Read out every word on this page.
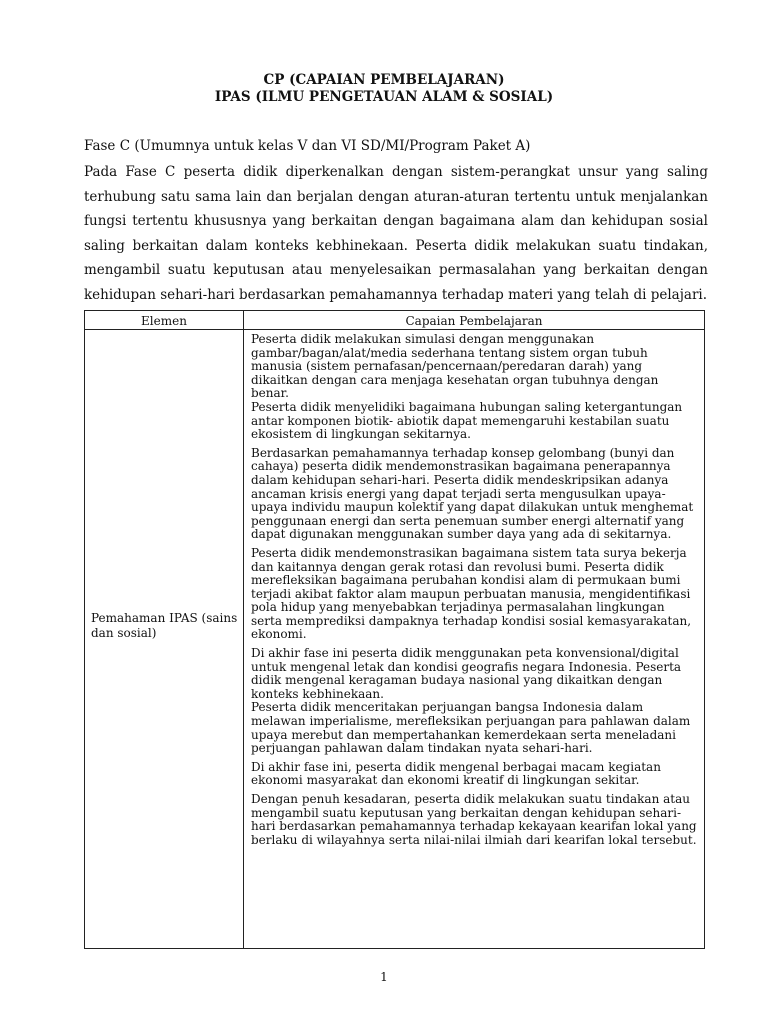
CP (CAPAIAN PEMBELAJARAN)
IPAS (ILMU PENGETAUAN ALAM & SOSIAL)
Fase C (Umumnya untuk kelas V dan VI SD/MI/Program Paket A)

Pada Fase C peserta didik diperkenalkan dengan sistem-perangkat unsur yang saling terhubung satu sama lain dan berjalan dengan aturan-aturan tertentu untuk menjalankan fungsi tertentu khususnya yang berkaitan dengan bagaimana alam dan kehidupan sosial saling berkaitan dalam konteks kebhinekaan. Peserta didik melakukan suatu tindakan, mengambil suatu keputusan atau menyelesaikan permasalahan yang berkaitan dengan kehidupan sehari-hari berdasarkan pemahamannya terhadap materi yang telah di pelajari.

Elemen	Capaian Pembelajaran
Pemahaman IPAS (sains dan sosial)

Peserta didik melakukan simulasi dengan menggunakan gambar/bagan/alat/media sederhana tentang sistem organ tubuh manusia (sistem pernafasan/pencernaan/peredaran darah) yang dikaitkan dengan cara menjaga kesehatan organ tubuhnya dengan benar.
Peserta didik menyelidiki bagaimana hubungan saling ketergantungan antar komponen biotik- abiotik dapat memengaruhi kestabilan suatu ekosistem di lingkungan sekitarnya.

Berdasarkan pemahamannya terhadap konsep gelombang (bunyi dan cahaya) peserta didik mendemonstrasikan bagaimana penerapannya dalam kehidupan sehari-hari. Peserta didik mendeskripsikan adanya ancaman krisis energi yang dapat terjadi serta mengusulkan upaya-upaya individu maupun kolektif yang dapat dilakukan untuk menghemat penggunaan energi dan serta penemuan sumber energi alternatif yang dapat digunakan menggunakan sumber daya yang ada di sekitarnya.

Peserta didik mendemonstrasikan bagaimana sistem tata surya bekerja dan kaitannya dengan gerak rotasi dan revolusi bumi. Peserta didik merefleksikan bagaimana perubahan kondisi alam di permukaan bumi terjadi akibat faktor alam maupun perbuatan manusia, mengidentifikasi pola hidup yang menyebabkan terjadinya permasalahan lingkungan serta memprediksi dampaknya terhadap kondisi sosial kemasyarakatan, ekonomi.

Di akhir fase ini peserta didik menggunakan peta konvensional/digital untuk mengenal letak dan kondisi geografis negara Indonesia. Peserta didik mengenal keragaman budaya nasional yang dikaitkan dengan konteks kebhinekaan.
Peserta didik menceritakan perjuangan bangsa Indonesia dalam melawan imperialisme, merefleksikan perjuangan para pahlawan dalam upaya merebut dan mempertahankan kemerdekaan serta meneladani perjuangan pahlawan dalam tindakan nyata sehari-hari.

Di akhir fase ini, peserta didik mengenal berbagai macam kegiatan ekonomi masyarakat dan ekonomi kreatif di lingkungan sekitar.

Dengan penuh kesadaran, peserta didik melakukan suatu tindakan atau mengambil suatu keputusan yang berkaitan dengan kehidupan sehari-hari berdasarkan pemahamannya terhadap kekayaan kearifan lokal yang berlaku di wilayahnya serta nilai-nilai ilmiah dari kearifan lokal tersebut.

1
